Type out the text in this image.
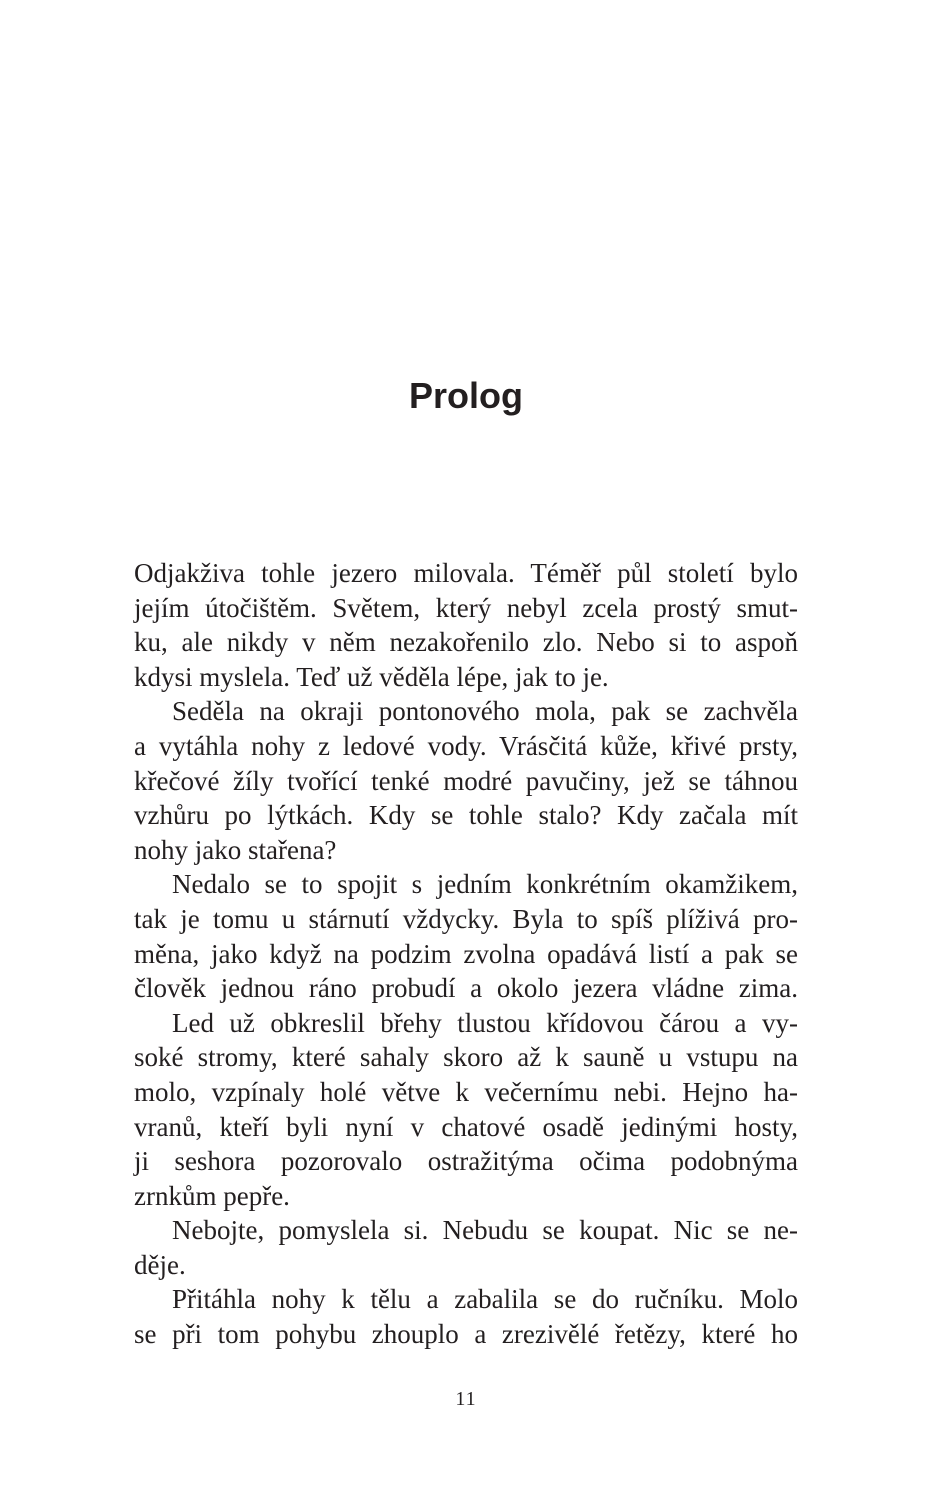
Prolog
Odjakživa tohle jezero milovala. Téměř půl století bylo
jejím útočištěm. Světem, který nebyl zcela prostý smut-
ku, ale nikdy v něm nezakořenilo zlo. Nebo si to aspoň
kdysi myslela. Teď už věděla lépe, jak to je.
Seděla na okraji pontonového mola, pak se zachvěla
a vytáhla nohy z ledové vody. Vrásčitá kůže, křivé prsty,
křečové žíly tvořící tenké modré pavučiny, jež se táhnou
vzhůru po lýtkách. Kdy se tohle stalo? Kdy začala mít
nohy jako stařena?
Nedalo se to spojit s jedním konkrétním okamžikem,
tak je tomu u stárnutí vždycky. Byla to spíš plíživá pro-
měna, jako když na podzim zvolna opadává listí a pak se
člověk jednou ráno probudí a okolo jezera vládne zima.
Led už obkreslil břehy tlustou křídovou čárou a vy-
soké stromy, které sahaly skoro až k sauně u vstupu na
molo, vzpínaly holé větve k večernímu nebi. Hejno ha-
vranů, kteří byli nyní v chatové osadě jedinými hosty,
ji seshora pozorovalo ostražitýma očima podobnýma
zrnkům pepře.
Nebojte, pomyslela si. Nebudu se koupat. Nic se ne-
děje.
Přitáhla nohy k tělu a zabalila se do ručníku. Molo
se při tom pohybu zhouplo a zrezivělé řetězy, které ho
11
